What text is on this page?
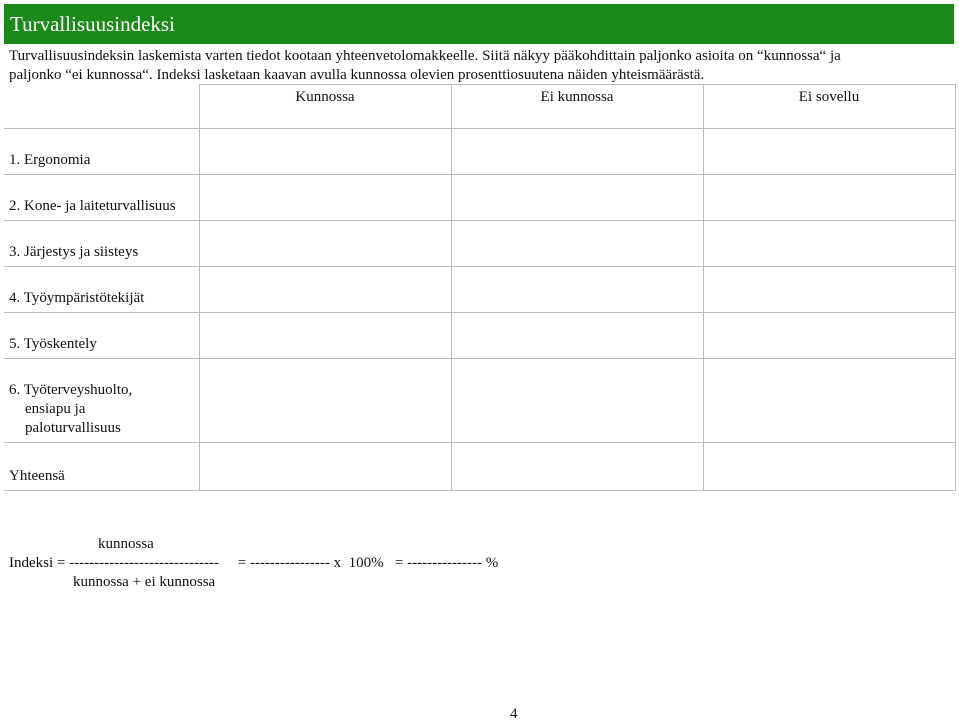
Turvallisuusindeksi

Turvallisuusindeksin laskemista varten tiedot kootaan yhteenvetolomakkeelle. Siitä näkyy pääkohdittain paljonko asioita on “kunnossa“ ja

paljonko “ei kunnossa“. Indeksi lasketaan kaavan avulla kunnossa olevien prosenttiosuutena näiden yhteismäärästä.

	Kunnossa	Ei kunnossa	Ei sovellu
1. Ergonomia			
2. Kone- ja laiteturvallisuus			
3. Järjestys ja siisteys			
4. Työympäristötekijät			
5. Työskentely			

6. Työterveyshuolto,
ensiapu ja
paloturvallisuus			

Yhteensä			
kunnossa
Indeksi = ------------------------------ = ---------------- x  100% = --------------- %
kunnossa + ei kunnossa
4
